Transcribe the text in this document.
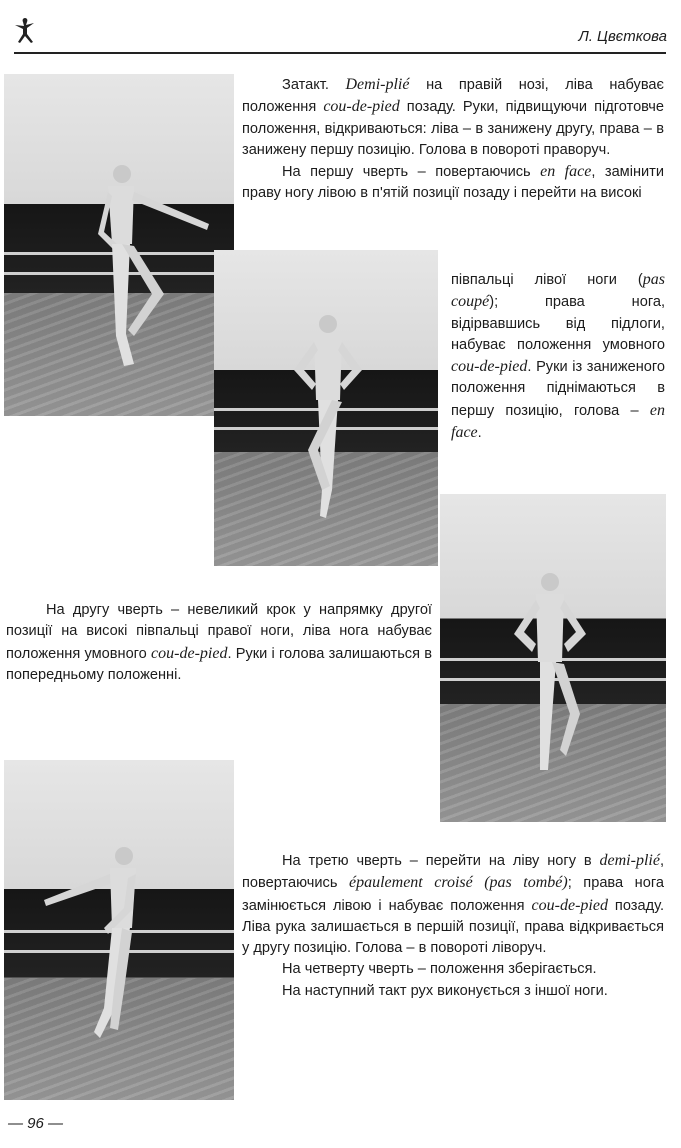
Л. Цвєткова

Затакт. Demi-plié на правій нозі, ліва набуває положення cou-de-pied позаду. Руки, підвищуючи підготовче положення, відкриваються: ліва – в занижену другу, права – в занижену першу позицію. Голова в повороті праворуч.

На першу чверть – повертаючись en face, замінити праву ногу лівою в п'ятій позиції позаду і перейти на високі

півпальці лівої ноги (pas coupé); права нога, відірвавшись від підлоги, набуває положення умовного cou-de-pied. Руки із заниженого положення піднімаються в першу позицію, голова – en face.

На другу чверть – невеликий крок у напрямку другої позиції на високі півпальці правої ноги, ліва нога набуває положення умовного cou-de-pied. Руки і голова залишаються в попередньому положенні.

На третю чверть – перейти на ліву ногу в demi-plié, повертаючись épaulement croisé (pas tombé); права нога замінюється лівою і набуває положення cou-de-pied позаду. Ліва рука залишається в першій позиції, права відкривається у другу позицію. Голова – в повороті ліворуч.

На четверту чверть – положення зберігається.

На наступний такт рух виконується з іншої ноги.

— 96 —
